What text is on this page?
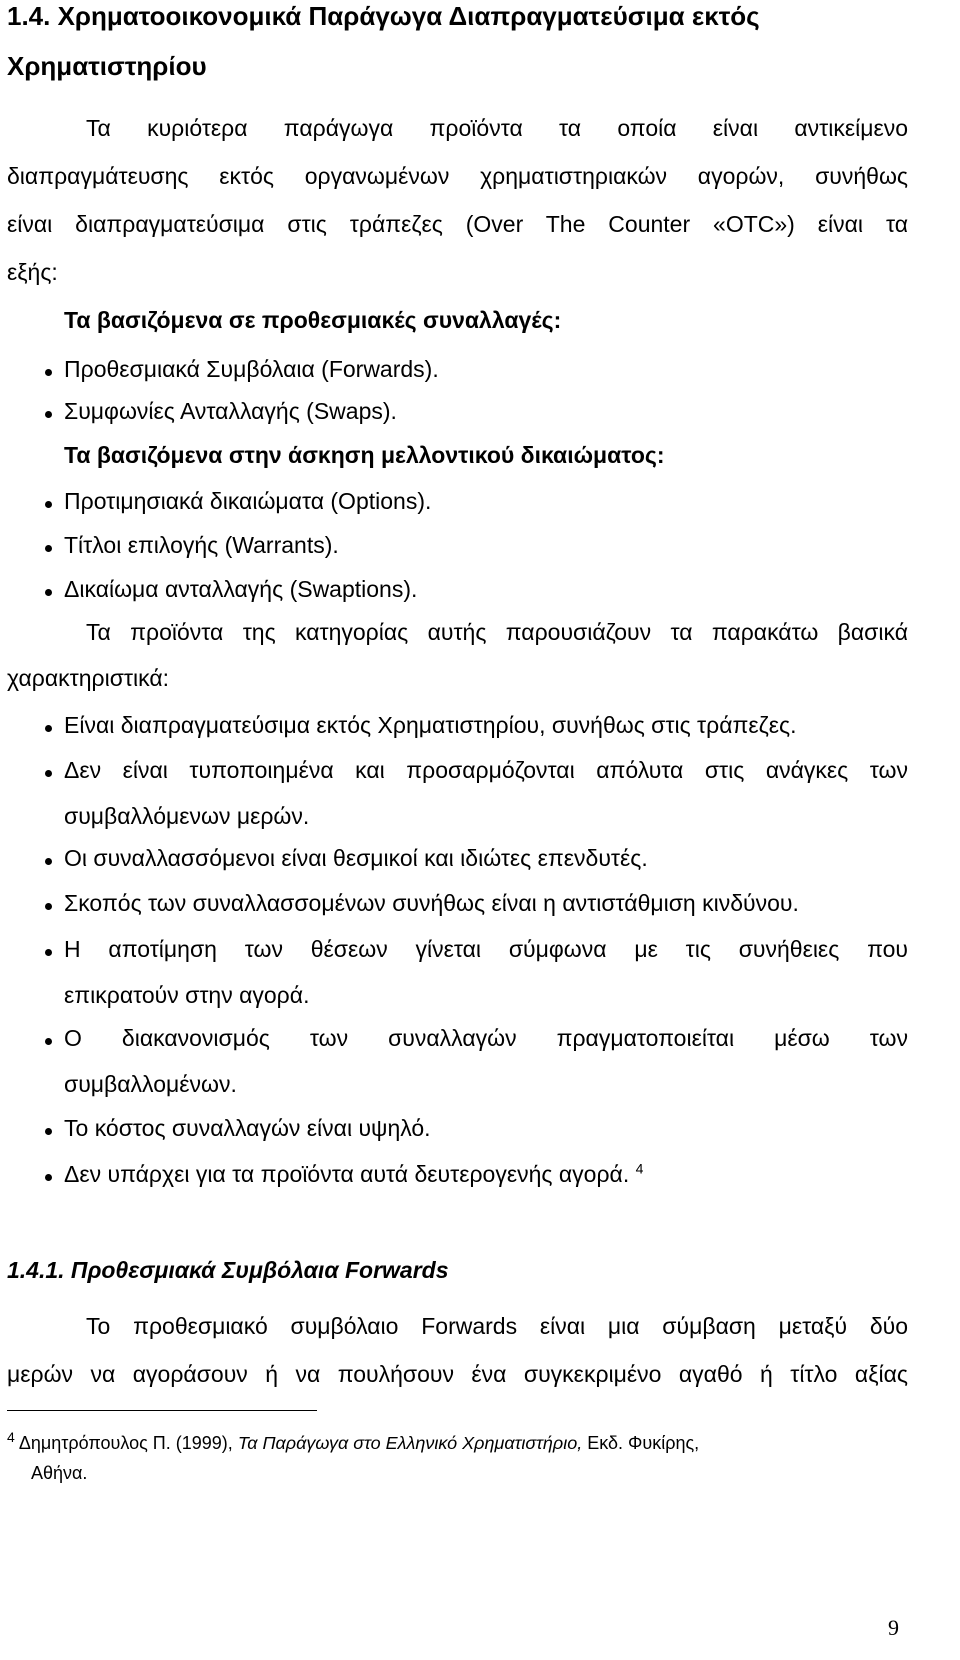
1.4. Χρηματοοικονομικά Παράγωγα Διαπραγματεύσιμα εκτός
Χρηματιστηρίου
Τα κυριότερα παράγωγα προϊόντα τα οποία είναι αντικείμενο
διαπραγμάτευσης εκτός οργανωμένων χρηματιστηριακών αγορών, συνήθως
είναι διαπραγματεύσιμα στις τράπεζες (Over The Counter «OTC») είναι τα
εξής:
Τα βασιζόμενα σε προθεσμιακές συναλλαγές:
Προθεσμιακά Συμβόλαια (Forwards).
Συμφωνίες Ανταλλαγής (Swaps).
Τα βασιζόμενα στην άσκηση μελλοντικού δικαιώματος:
Προτιμησιακά δικαιώματα (Options).
Τίτλοι επιλογής (Warrants).
Δικαίωμα ανταλλαγής (Swaptions).
Τα προϊόντα της κατηγορίας αυτής παρουσιάζουν τα παρακάτω βασικά
χαρακτηριστικά:
Είναι διαπραγματεύσιμα εκτός Χρηματιστηρίου, συνήθως στις τράπεζες.
Δεν είναι τυποποιημένα και προσαρμόζονται απόλυτα στις ανάγκες των
συμβαλλόμενων μερών.
Οι συναλλασσόμενοι είναι θεσμικοί και ιδιώτες επενδυτές.
Σκοπός των συναλλασσομένων συνήθως είναι η αντιστάθμιση κινδύνου.
Η αποτίμηση των θέσεων γίνεται σύμφωνα με τις συνήθειες που
επικρατούν στην αγορά.
Ο διακανονισμός των συναλλαγών πραγματοποιείται μέσω των
συμβαλλομένων.
Το κόστος συναλλαγών είναι υψηλό.
Δεν υπάρχει για τα προϊόντα αυτά δευτερογενής αγορά. $^4$
1.4.1. Προθεσμιακά Συμβόλαια Forwards
Το προθεσμιακό συμβόλαιο Forwards είναι μια σύμβαση μεταξύ δύο
μερών να αγοράσουν ή να πουλήσουν ένα συγκεκριμένο αγαθό ή τίτλο αξίας
$^4$ Δημητρόπουλος Π. (1999), Τα Παράγωγα στο Ελληνικό Χρηματιστήριο, Εκδ. Φυκίρης,
Αθήνα.
9
